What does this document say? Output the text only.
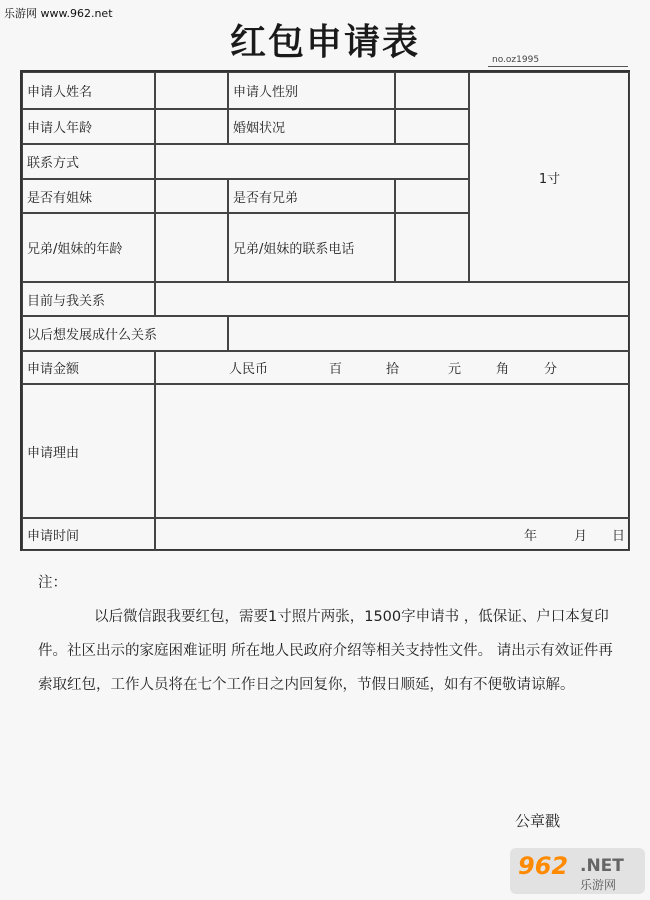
乐游网 www.962.net
红包申请表	no.oz1995
申请人姓名	申请人性别
1寸
申请人年龄	婚姻状况
联系方式
是否有姐妹	是否有兄弟
兄弟/姐妹的年龄	兄弟/姐妹的联系电话
目前与我关系
以后想发展成什么关系
申请金额	人民币	百	拾	元	角	分
申请理由
申请时间	年	月 日
注：
以后微信跟我要红包，需要1寸照片两张，1500字申请书 ，低保证、户口本复印件。社区出示的家庭困难证明 所在地人民政府介绍等相关支持性文件。 请出示有效证件再索取红包，工作人员将在七个工作日之内回复你，节假日顺延，如有不便敬请谅解。
公章戳
962 .NET
乐游网
